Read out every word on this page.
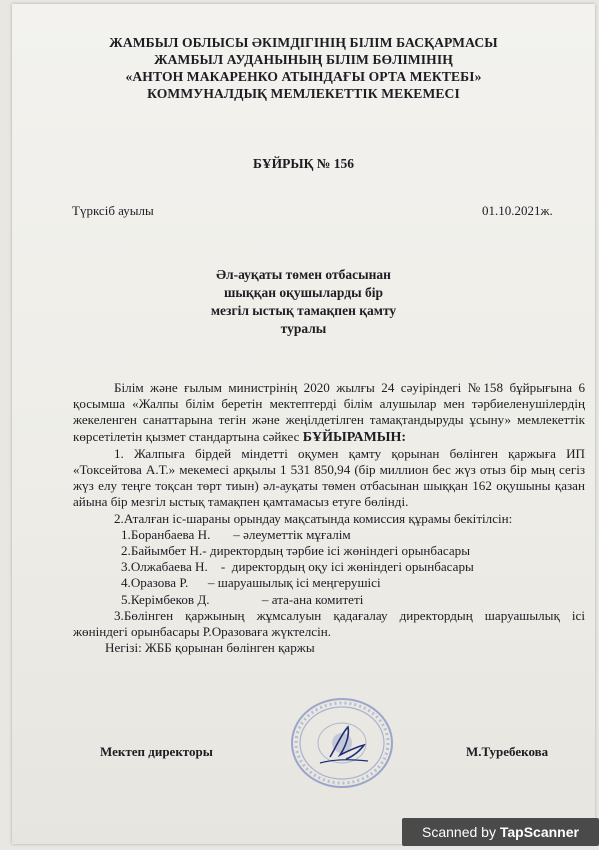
ЖАМБЫЛ ОБЛЫСЫ ӘКІМДІГІНІҢ БІЛІМ БАСҚАРМАСЫ
ЖАМБЫЛ АУДАНЫНЫҢ БІЛІМ БӨЛІМІНІҢ
«АНТОН МАКАРЕНКО АТЫНДАҒЫ ОРТА МЕКТЕБІ»
КОММУНАЛДЫҚ МЕМЛЕКЕТТІК МЕКЕМЕСІ
БҰЙРЫҚ № 156
Түрксіб ауылы	01.10.2021ж.
Әл-ауқаты төмен отбасынан
шыққан оқушыларды бір
мезгіл ыстық тамақпен қамту
туралы
Білім және ғылым министрінің 2020 жылғы 24 сәуіріндегі №158 бұйрығына 6 қосымша «Жалпы білім беретін мектептерді білім алушылар мен тәрбиеленушілердің жекеленген санаттарына тегін және жеңілдетілген тамақтандыруды ұсыну» мемлекеттік көрсетілетін қызмет стандартына сәйкес БҰЙЫРАМЫН:
1. Жалпыға бірдей міндетті оқумен қамту қорынан бөлінген қаржыға ИП «Токсейтова А.Т.» мекемесі арқылы 1 531 850,94 (бір миллион бес жүз отыз бір мың сегіз жүз елу теңге тоқсан төрт тиын) әл-ауқаты төмен отбасынан шыққан 162 оқушыны қазан айына бір мезгіл ыстық тамақпен қамтамасыз етуге бөлінді.
2.Аталған іс-шараны орындау мақсатында комиссия құрамы бекітілсін:
1.Боранбаева Н.       – әлеуметтік мұғалім
2.Байымбет Н.- директордың тәрбие ісі жөніндегі орынбасары
3.Олжабаева Н.    -  директордың оқу ісі жөніндегі орынбасары
4.Оразова Р.      – шаруашылық ісі меңгерушісі
5.Керімбеков Д.                – ата-ана комитеті
3.Бөлінген қаржының жұмсалуын қадағалау директордың шаруашылық ісі жөніндегі орынбасары Р.Оразоваға жүктелсін.
Негізі: ЖББ қорынан бөлінген қаржы
Мектеп директоры	М.Туребекова
Scanned by TapScanner
